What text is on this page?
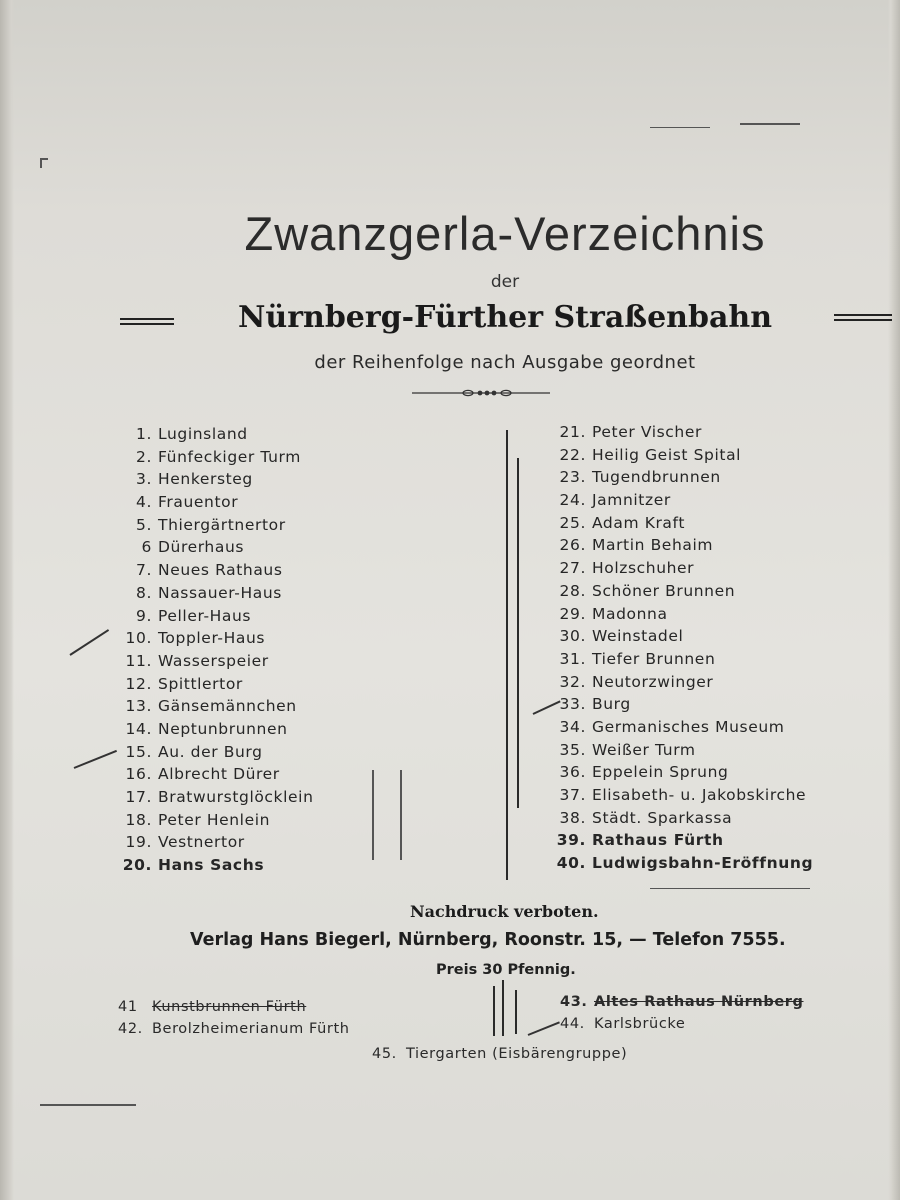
Zwanzgerla-Verzeichnis
der
Nürnberg-Fürther Straßenbahn
der Reihenfolge nach Ausgabe geordnet
1. Luginsland
2. Fünfeckiger Turm
3. Henkersteg
4. Frauentor
5. Thiergärtnertor
6 Dürerhaus
7. Neues Rathaus
8. Nassauer-Haus
9. Peller-Haus
10. Toppler-Haus
11. Wasserspeier
12. Spittlertor
13. Gänsemännchen
14. Neptunbrunnen
15. Au. der Burg
16. Albrecht Dürer
17. Bratwurstglöcklein
18. Peter Henlein
19. Vestnertor
20. Hans Sachs
21. Peter Vischer
22. Heilig Geist Spital
23. Tugendbrunnen
24. Jamnitzer
25. Adam Kraft
26. Martin Behaim
27. Holzschuher
28. Schöner Brunnen
29. Madonna
30. Weinstadel
31. Tiefer Brunnen
32. Neutorzwinger
33. Burg
34. Germanisches Museum
35. Weißer Turm
36. Eppelein Sprung
37. Elisabeth- u. Jakobskirche
38. Städt. Sparkassa
39. Rathaus Fürth
40. Ludwigsbahn-Eröffnung
Nachdruck verboten.
Verlag Hans Biegerl, Nürnberg, Roonstr. 15, — Telefon 7555.
Preis 30 Pfennig.
41 Kunstbrunnen Fürth
42. Berolzheimerianum Fürth
43. Altes Rathaus Nürnberg
44. Karlsbrücke
45. Tiergarten (Eisbärengruppe)
